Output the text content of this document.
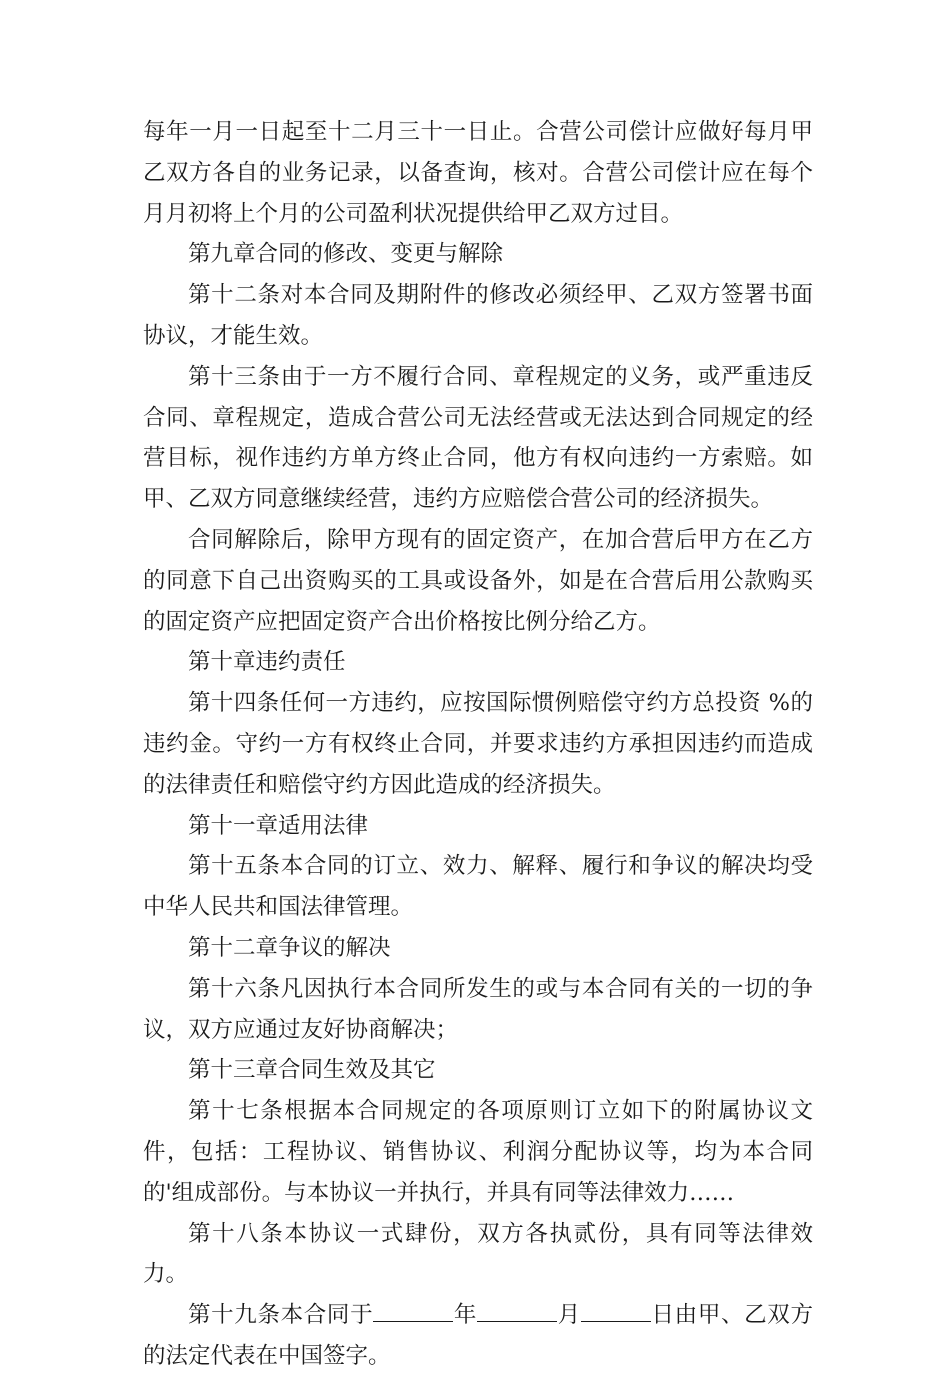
每年一月一日起至十二月三十一日止。合营公司偿计应做好每月甲乙双方各自的业务记录，以备查询，核对。合营公司偿计应在每个月月初将上个月的公司盈利状况提供给甲乙双方过目。

第九章合同的修改、变更与解除

第十二条对本合同及期附件的修改必须经甲、乙双方签署书面协议，才能生效。

第十三条由于一方不履行合同、章程规定的义务，或严重违反合同、章程规定，造成合营公司无法经营或无法达到合同规定的经营目标，视作违约方单方终止合同，他方有权向违约一方索赔。如甲、乙双方同意继续经营，违约方应赔偿合营公司的经济损失。

合同解除后，除甲方现有的固定资产，在加合营后甲方在乙方的同意下自己出资购买的工具或设备外，如是在合营后用公款购买的固定资产应把固定资产合出价格按比例分给乙方。

第十章违约责任

第十四条任何一方违约，应按国际惯例赔偿守约方总投资 %的违约金。守约一方有权终止合同，并要求违约方承担因违约而造成的法律责任和赔偿守约方因此造成的经济损失。

第十一章适用法律

第十五条本合同的订立、效力、解释、履行和争议的解决均受中华人民共和国法律管理。

第十二章争议的解决

第十六条凡因执行本合同所发生的或与本合同有关的一切的争议，双方应通过友好协商解决；

第十三章合同生效及其它

第十七条根据本合同规定的各项原则订立如下的附属协议文件，包括：工程协议、销售协议、利润分配协议等，均为本合同的'组成部份。与本协议一并执行，并具有同等法律效力……

第十八条本协议一式肆份，双方各执贰份，具有同等法律效力。

第十九条本合同于	年	月	日由甲、乙双方的法定代表在中国签字。
